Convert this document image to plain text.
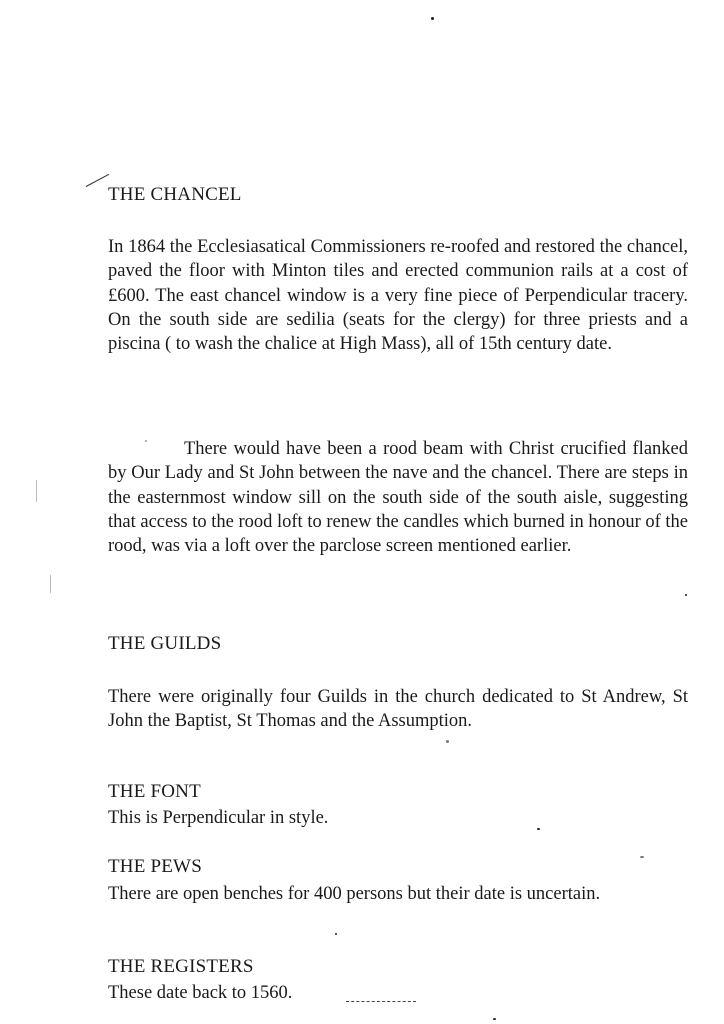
THE CHANCEL

In 1864 the Ecclesiasatical Commissioners re-roofed and restored the chancel, paved the floor with Minton tiles and erected communion rails at a cost of £600. The east chancel window is a very fine piece of Perpendicular tracery. On the south side are sedilia (seats for the clergy) for three priests and a piscina ( to wash the chalice at High Mass), all of 15th century date.

There would have been a rood beam with Christ crucified flanked by Our Lady and St John between the nave and the chancel. There are steps in the easternmost window sill on the south side of the south aisle, suggesting that access to the rood loft to renew the candles which burned in honour of the rood, was via a loft over the parclose screen mentioned earlier.

THE GUILDS

There were originally four Guilds in the church dedicated to St Andrew, St John the Baptist, St Thomas and the Assumption.

THE FONT

This is Perpendicular in style.

THE PEWS

There are open benches for 400 persons but their date is uncertain.

THE REGISTERS

These date back to 1560.
